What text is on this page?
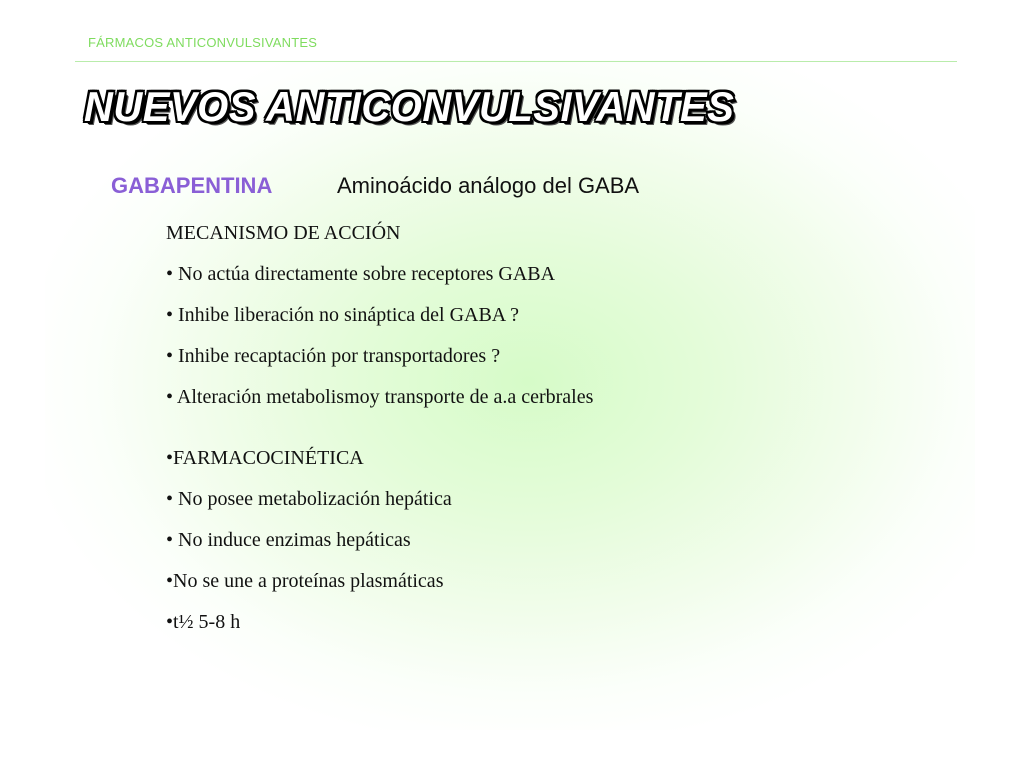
FÁRMACOS ANTICONVULSIVANTES
NUEVOS ANTICONVULSIVANTES
GABAPENTINA	Aminoácido análogo del GABA
MECANISMO DE ACCIÓN
• No actúa directamente sobre receptores GABA
• Inhibe liberación no sináptica del GABA ?
• Inhibe recaptación por transportadores ?
• Alteración metabolismoy transporte de a.a cerbrales
•FARMACOCINÉTICA
• No posee metabolización hepática
• No induce enzimas hepáticas
•No se une a proteínas plasmáticas
•t½ 5-8 h
